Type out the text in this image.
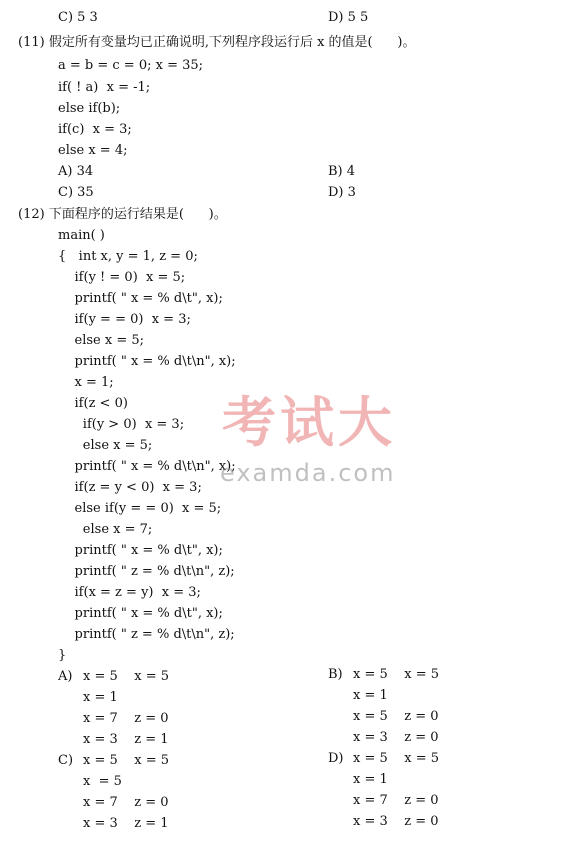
C) 5 3	D) 5 5
(11) 假定所有变量均已正确说明,下列程序段运行后 x 的值是(      )。
a = b = c = 0; x = 35;
if( ! a)  x = -1;
else if(b);
if(c)  x = 3;
else x = 4;
A) 34	B) 4
C) 35	D) 3
(12) 下面程序的运行结果是(      )。
main( )
{   int x, y = 1, z = 0;
if(y ! = 0)  x = 5;
printf( " x = % d\t", x);
if(y = = 0)  x = 3;
else x = 5;
printf( " x = % d\t\n", x);
x = 1;
if(z < 0)
if(y > 0)  x = 3;
else x = 5;
printf( " x = % d\t\n", x);
if(z = y < 0)  x = 3;
else if(y = = 0)  x = 5;
else x = 7;
printf( " x = % d\t", x);
printf( " z = % d\t\n", z);
if(x = z = y)  x = 3;
printf( " x = % d\t", x);
printf( " z = % d\t\n", z);
}
A) x = 5    x = 5
x = 1
x = 7    z = 0
x = 3    z = 1
B) x = 5    x = 5
x = 1
x = 5    z = 0
x = 3    z = 0
C) x = 5    x = 5
x  = 5
x = 7    z = 0
x = 3    z = 1
D) x = 5    x = 5
x = 1
x = 7    z = 0
x = 3    z = 0
考试大
examda.com
